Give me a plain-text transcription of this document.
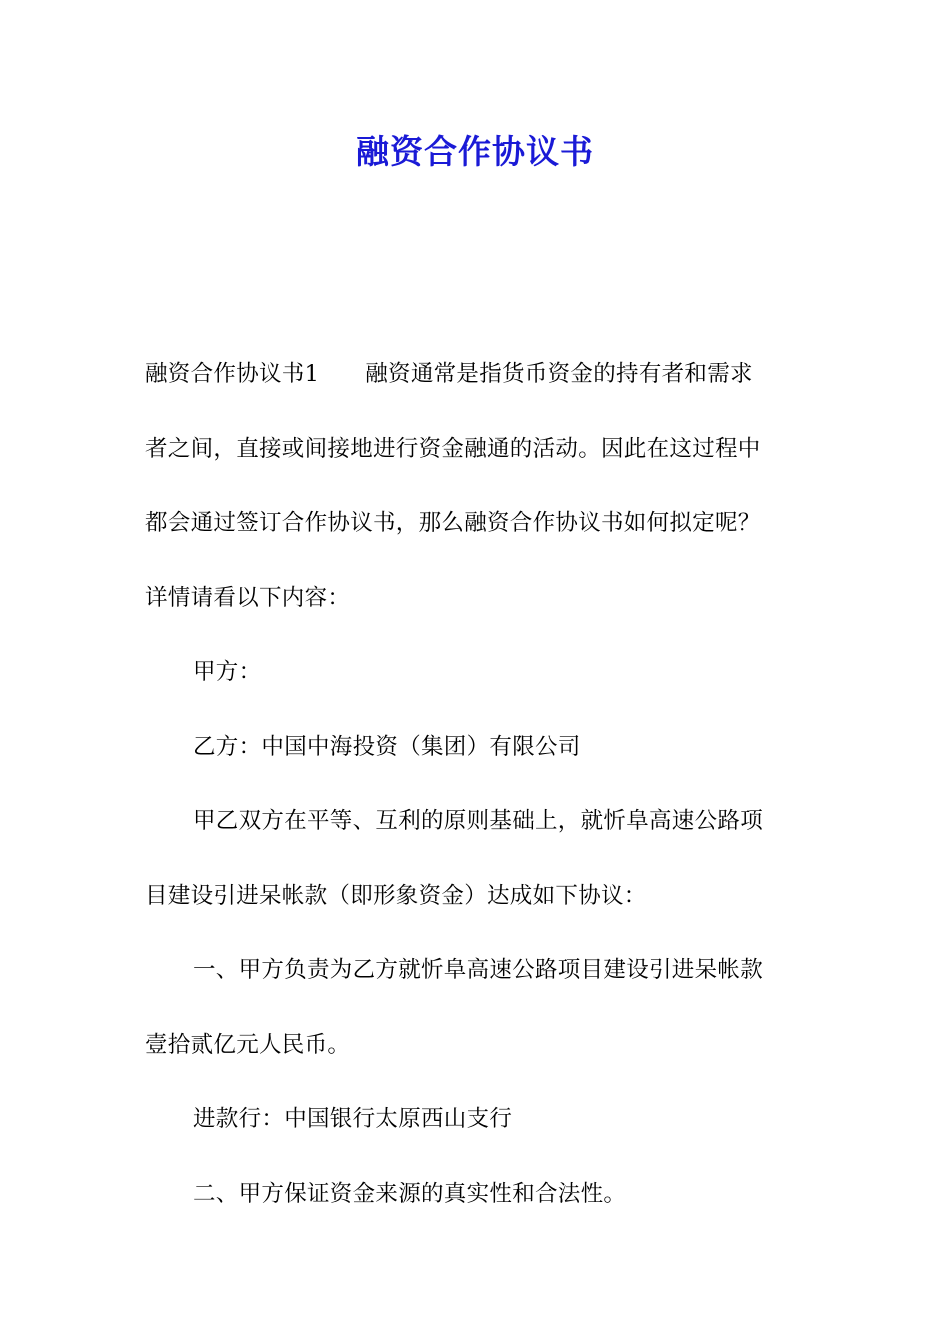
融资合作协议书

融资合作协议书1 融资通常是指货币资金的持有者和需求

者之间，直接或间接地进行资金融通的活动。因此在这过程中

都会通过签订合作协议书，那么融资合作协议书如何拟定呢？

详情请看以下内容：

甲方：

乙方：中国中海投资（集团）有限公司

甲乙双方在平等、互利的原则基础上，就忻阜高速公路项

目建设引进呆帐款（即形象资金）达成如下协议：

一、甲方负责为乙方就忻阜高速公路项目建设引进呆帐款

壹拾贰亿元人民币。

进款行：中国银行太原西山支行

二、甲方保证资金来源的真实性和合法性。
